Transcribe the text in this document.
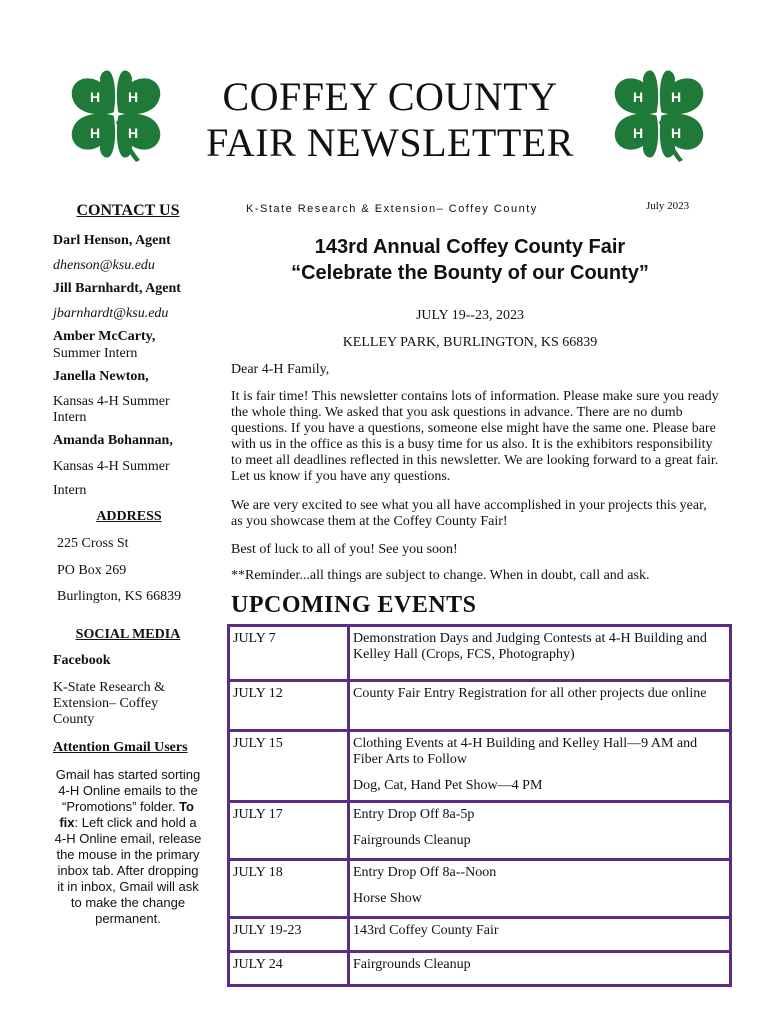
H H
H H
H H
H H
COFFEY COUNTY
FAIR NEWSLETTER
CONTACT US
Darl Henson, Agent
dhenson@ksu.edu
Jill Barnhardt, Agent
jbarnhardt@ksu.edu
Amber McCarty,
Summer Intern
Janella Newton,
Kansas 4-H Summer Intern
Amanda Bohannan,
Kansas 4-H Summer
Intern
ADDRESS
225 Cross St
PO Box 269
Burlington, KS 66839
SOCIAL MEDIA
Facebook
K-State Research & Extension– Coffey County
Attention Gmail Users
Gmail has started sorting 4-H Online emails to the “Promotions” folder. To fix: Left click and hold a 4-H Online email, release the mouse in the primary inbox tab. After dropping it in inbox, Gmail will ask to make the change permanent.
K-State Research & Extension– Coffey County	July 2023
143rd Annual Coffey County Fair
“Celebrate the Bounty of our County”
JULY 19--23, 2023
KELLEY PARK, BURLINGTON, KS 66839
Dear 4-H Family,
It is fair time! This newsletter contains lots of information. Please make sure you ready the whole thing. We asked that you ask questions in advance. There are no dumb questions. If you have a questions, someone else might have the same one. Please bare with us in the office as this is a busy time for us also. It is the exhibitors responsibility to meet all deadlines reflected in this newsletter. We are looking forward to a great fair. Let us know if you have any questions.
We are very excited to see what you all have accomplished in your projects this year, as you showcase them at the Coffey County Fair!
Best of luck to all of you! See you soon!
**Reminder...all things are subject to change. When in doubt, call and ask.
UPCOMING EVENTS
JULY 7	Demonstration Days and Judging Contests at 4-H Building and Kelley Hall (Crops, FCS, Photography)

JULY 12	County Fair Entry Registration for all other projects due online

JULY 15	Clothing Events at 4-H Building and Kelley Hall—9 AM and Fiber Arts to Follow

Dog, Cat, Hand Pet Show—4 PM

JULY 17	Entry Drop Off 8a-5p

Fairgrounds Cleanup

JULY 18	Entry Drop Off 8a--Noon

Horse Show

JULY 19-23	143rd Coffey County Fair

JULY 24	Fairgrounds Cleanup
